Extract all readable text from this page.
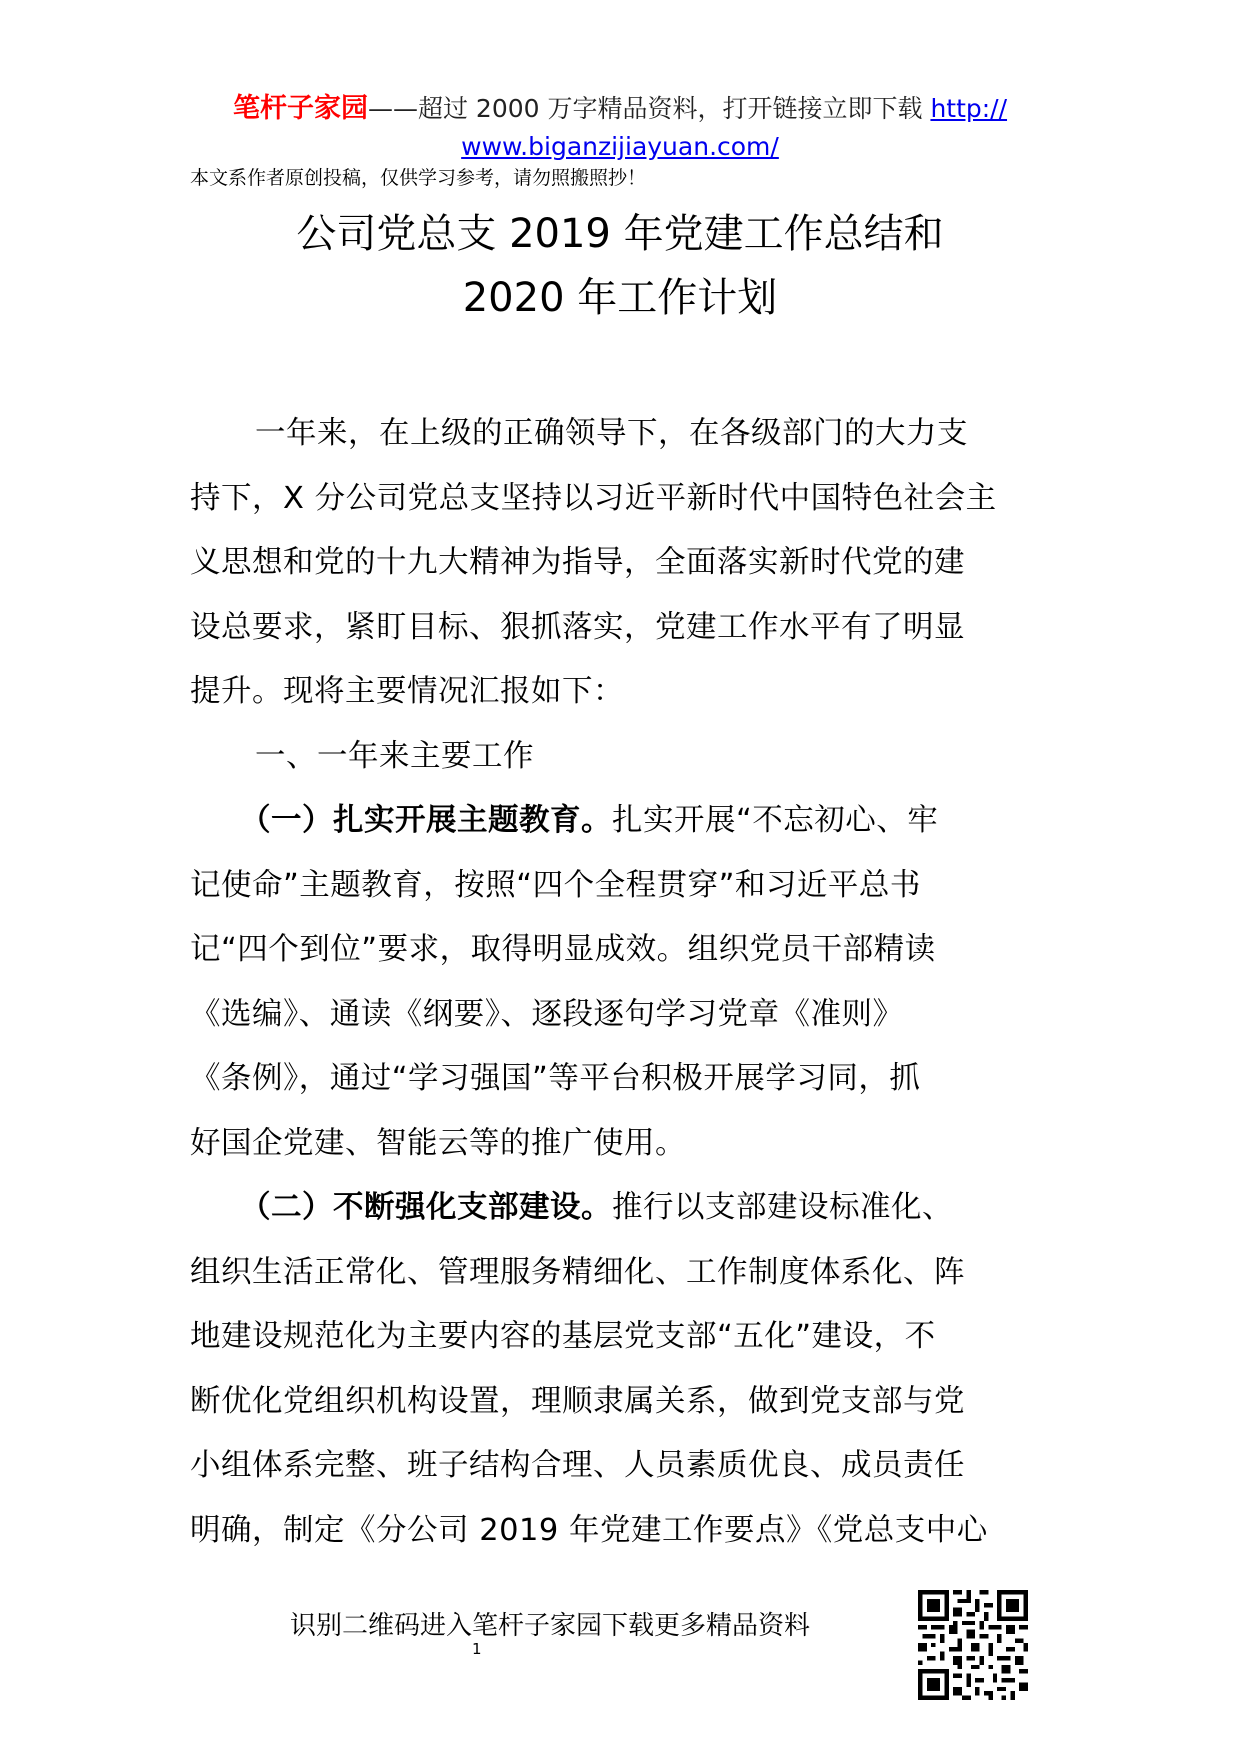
笔杆子家园——超过 2000 万字精品资料，打开链接立即下载 http://
www.biganzijiayuan.com/
本文系作者原创投稿，仅供学习参考，请勿照搬照抄！
公司党总支 2019 年党建工作总结和
2020 年工作计划
一年来，在上级的正确领导下，在各级部门的大力支
持下，X 分公司党总支坚持以习近平新时代中国特色社会主
义思想和党的十九大精神为指导，全面落实新时代党的建
设总要求，紧盯目标、狠抓落实，党建工作水平有了明显
提升。现将主要情况汇报如下：
一、一年来主要工作
（一）扎实开展主题教育。扎实开展“不忘初心、牢
记使命”主题教育，按照“四个全程贯穿”和习近平总书
记“四个到位”要求，取得明显成效。组织党员干部精读
《选编》、通读《纲要》、逐段逐句学习党章《准则》
《条例》，通过“学习强国”等平台积极开展学习同，抓
好国企党建、智能云等的推广使用。
（二）不断强化支部建设。推行以支部建设标准化、
组织生活正常化、管理服务精细化、工作制度体系化、阵
地建设规范化为主要内容的基层党支部“五化”建设，不
断优化党组织机构设置，理顺隶属关系，做到党支部与党
小组体系完整、班子结构合理、人员素质优良、成员责任
明确，制定《分公司 2019 年党建工作要点》《党总支中心
识别二维码进入笔杆子家园下载更多精品资料
1
